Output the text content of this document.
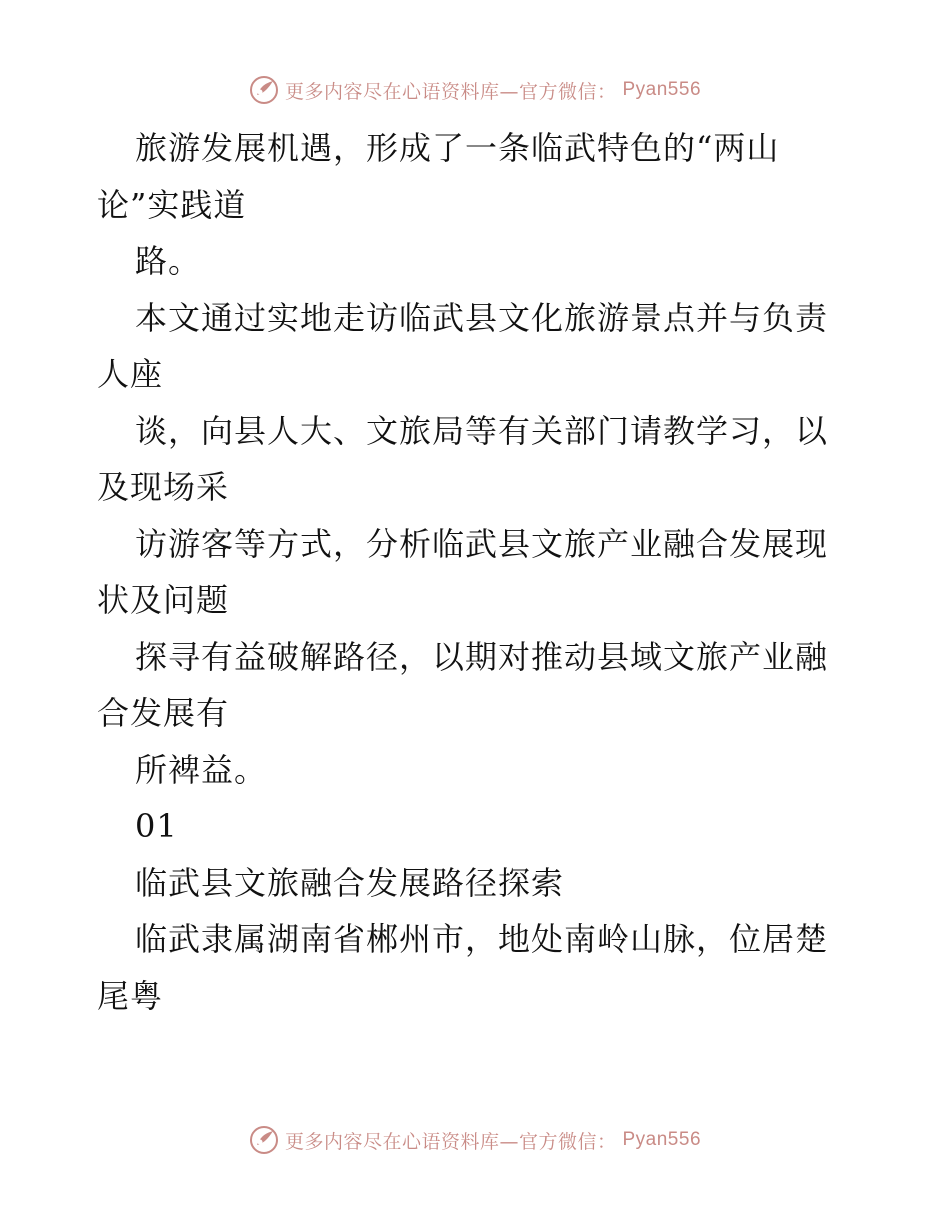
更多内容尽在心语资料库—官方微信： Pyan556
旅游发展机遇，形成了一条临武特色的“两山
论”实践道
路。
本文通过实地走访临武县文化旅游景点并与负责
人座
谈，向县人大、文旅局等有关部门请教学习，以
及现场采
访游客等方式，分析临武县文旅产业融合发展现
状及问题
探寻有益破解路径，以期对推动县域文旅产业融
合发展有
所裨益。
01
临武县文旅融合发展路径探索
临武隶属湖南省郴州市，地处南岭山脉，位居楚
尾粤
更多内容尽在心语资料库—官方微信： Pyan556
